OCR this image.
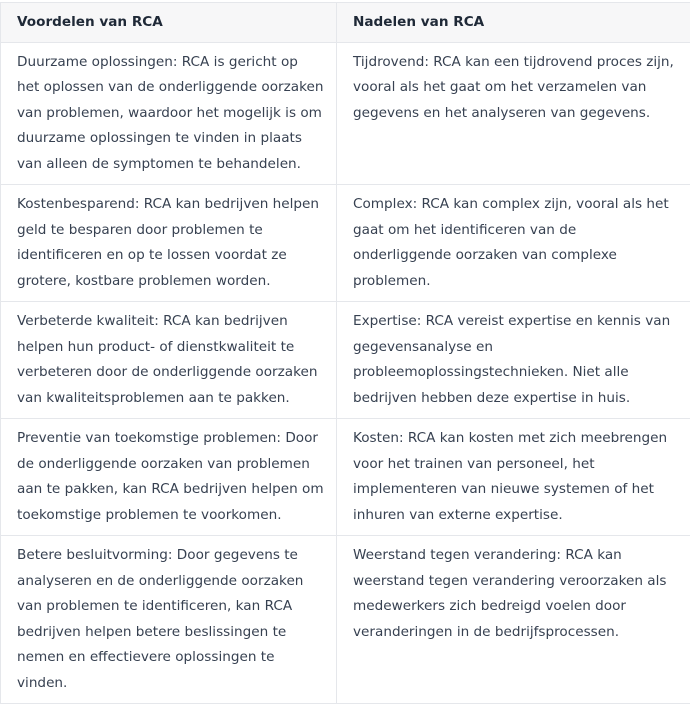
Voordelen van RCA	Nadelen van RCA
Duurzame oplossingen: RCA is gericht op het oplossen van de onderliggende oorzaken van problemen, waardoor het mogelijk is om duurzame oplossingen te vinden in plaats van alleen de symptomen te behandelen.	Tijdrovend: RCA kan een tijdrovend proces zijn, vooral als het gaat om het verzamelen van gegevens en het analyseren van gegevens.
Kostenbesparend: RCA kan bedrijven helpen geld te besparen door problemen te identificeren en op te lossen voordat ze grotere, kostbare problemen worden.	Complex: RCA kan complex zijn, vooral als het gaat om het identificeren van de onderliggende oorzaken van complexe problemen.
Verbeterde kwaliteit: RCA kan bedrijven helpen hun product- of dienstkwaliteit te verbeteren door de onderliggende oorzaken van kwaliteitsproblemen aan te pakken.	Expertise: RCA vereist expertise en kennis van gegevensanalyse en probleemoplossingstechnieken. Niet alle bedrijven hebben deze expertise in huis.
Preventie van toekomstige problemen: Door de onderliggende oorzaken van problemen aan te pakken, kan RCA bedrijven helpen om toekomstige problemen te voorkomen.	Kosten: RCA kan kosten met zich meebrengen voor het trainen van personeel, het implementeren van nieuwe systemen of het inhuren van externe expertise.
Betere besluitvorming: Door gegevens te analyseren en de onderliggende oorzaken van problemen te identificeren, kan RCA bedrijven helpen betere beslissingen te nemen en effectievere oplossingen te vinden.	Weerstand tegen verandering: RCA kan weerstand tegen verandering veroorzaken als medewerkers zich bedreigd voelen door veranderingen in de bedrijfsprocessen.
